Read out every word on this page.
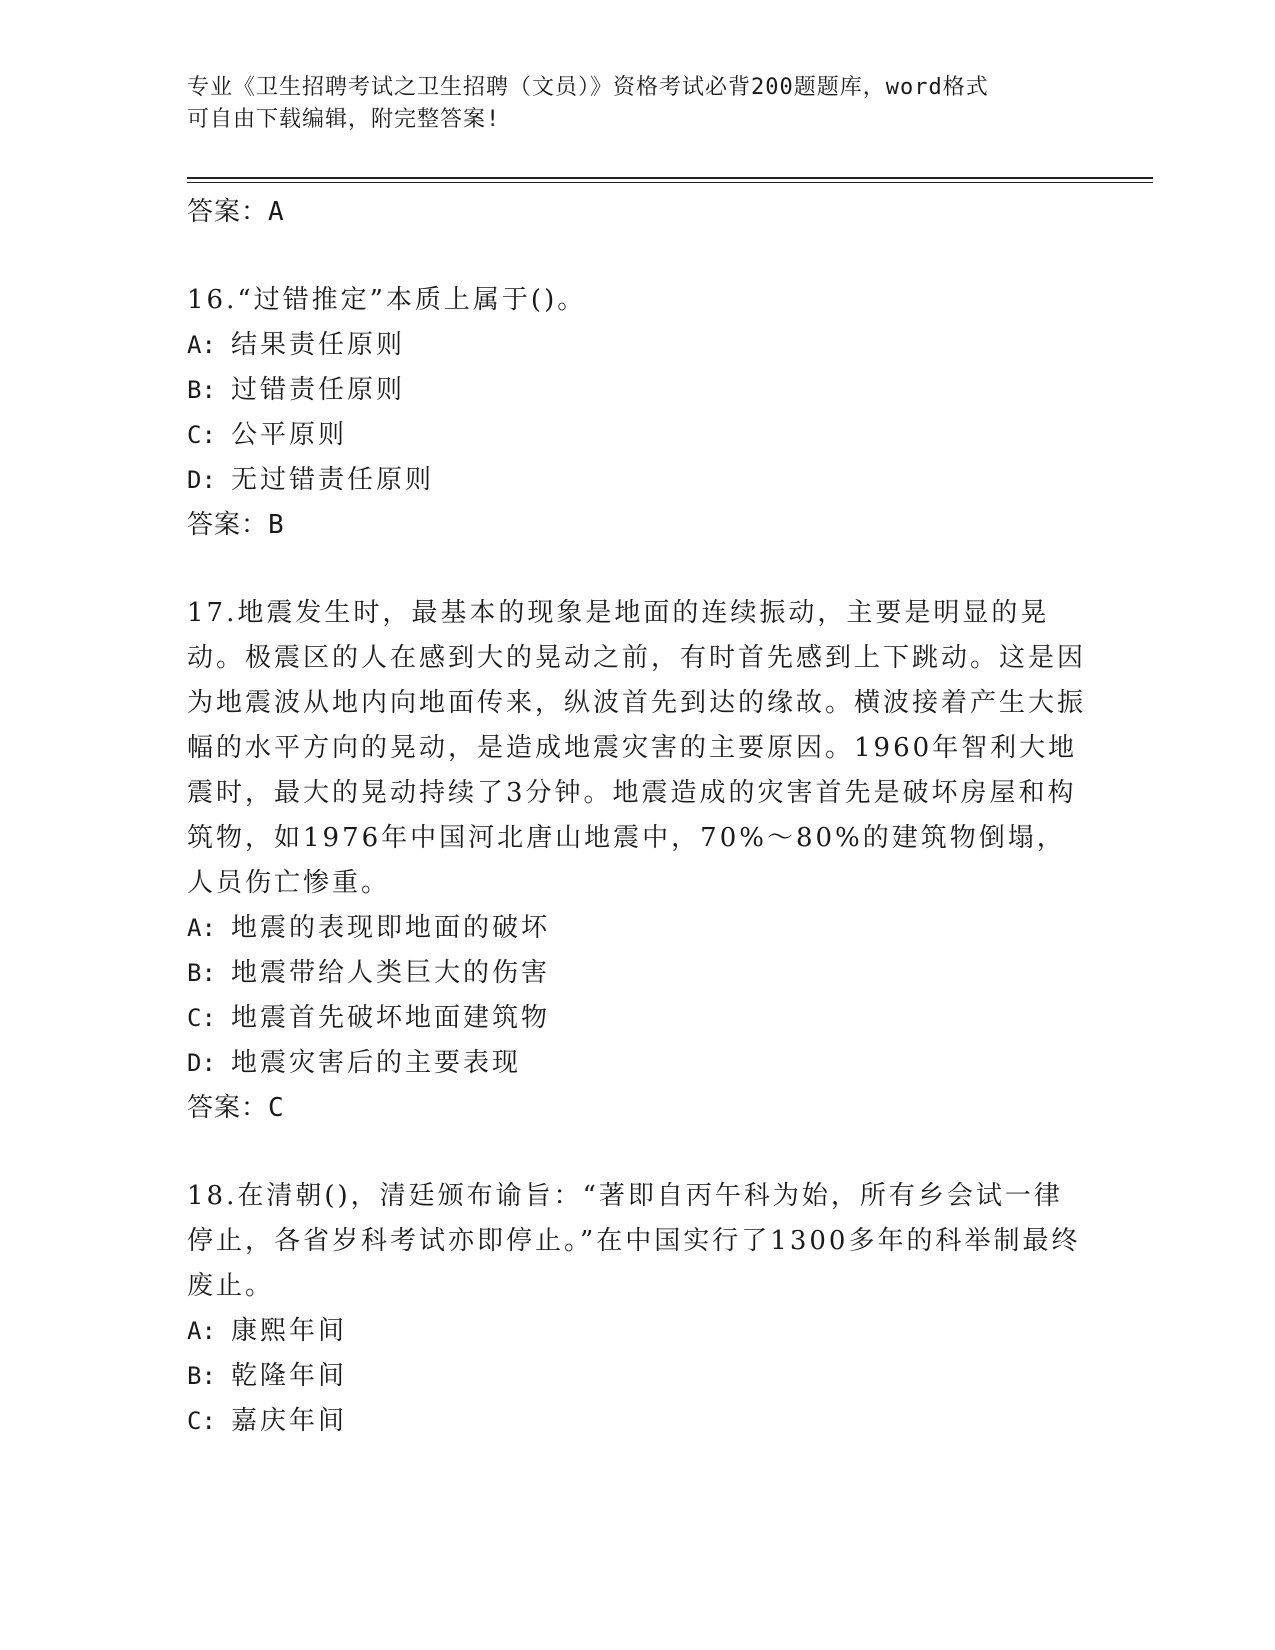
专业《卫生招聘考试之卫生招聘（文员）》资格考试必背200题题库，word格式
可自由下载编辑，附完整答案!

答案：A

16.“过错推定”本质上属于()。

A: 结果责任原则

B: 过错责任原则

C: 公平原则

D: 无过错责任原则

答案：B

17.地震发生时，最基本的现象是地面的连续振动，主要是明显的晃动。极震区的人在感到大的晃动之前，有时首先感到上下跳动。这是因为地震波从地内向地面传来，纵波首先到达的缘故。横波接着产生大振幅的水平方向的晃动，是造成地震灾害的主要原因。1960年智利大地震时，最大的晃动持续了3分钟。地震造成的灾害首先是破坏房屋和构筑物，如1976年中国河北唐山地震中，70%～80%的建筑物倒塌，人员伤亡惨重。

A: 地震的表现即地面的破坏

B: 地震带给人类巨大的伤害

C: 地震首先破坏地面建筑物

D: 地震灾害后的主要表现

答案：C

18.在清朝()，清廷颁布谕旨：“著即自丙午科为始，所有乡会试一律停止，各省岁科考试亦即停止。”在中国实行了1300多年的科举制最终废止。

A: 康熙年间

B: 乾隆年间

C: 嘉庆年间
